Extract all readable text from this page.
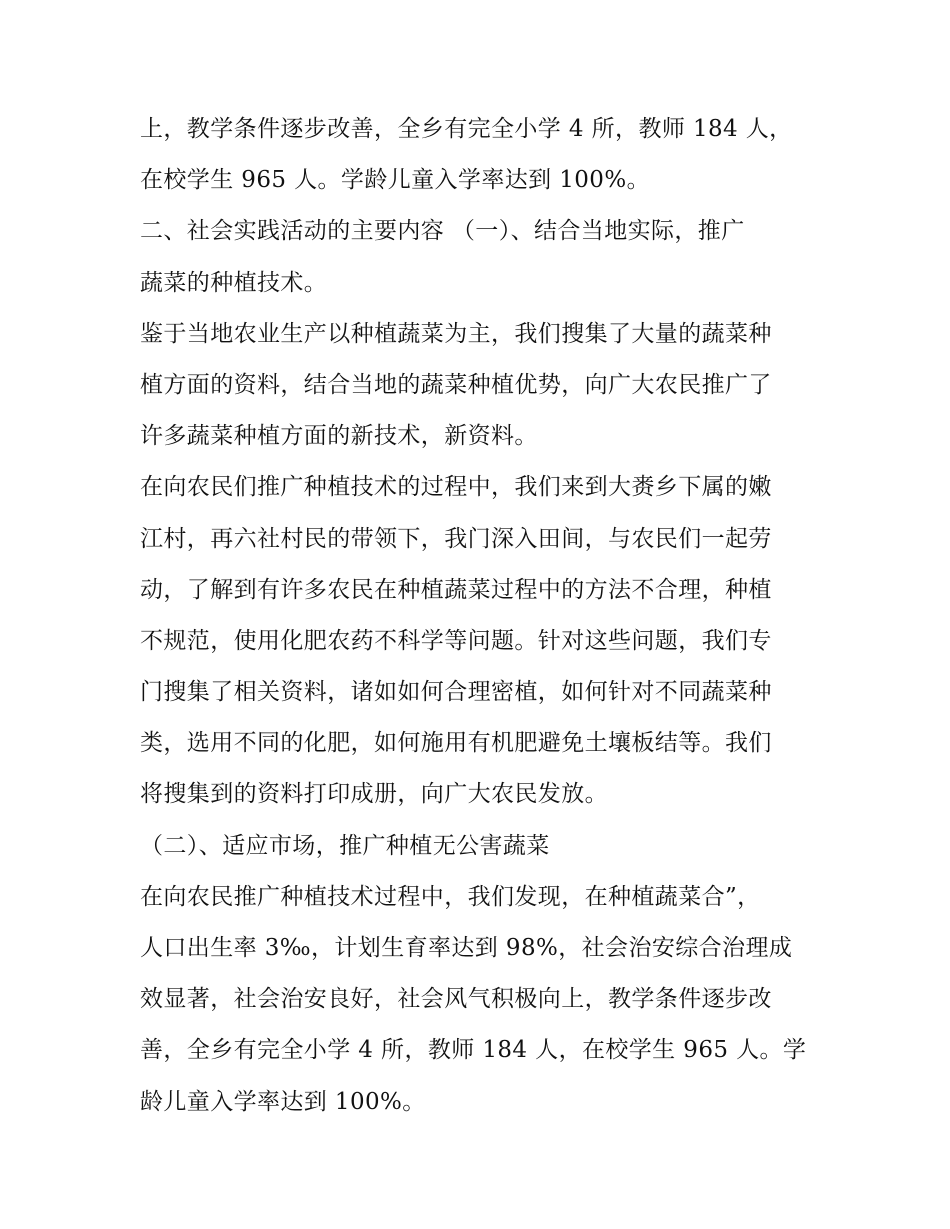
上，教学条件逐步改善，全乡有完全小学 4 所，教师 184 人，
在校学生 965 人。学龄儿童入学率达到 100%。
二、社会实践活动的主要内容 （一）、结合当地实际，推广
蔬菜的种植技术。
鉴于当地农业生产以种植蔬菜为主，我们搜集了大量的蔬菜种
植方面的资料，结合当地的蔬菜种植优势，向广大农民推广了
许多蔬菜种植方面的新技术，新资料。
在向农民们推广种植技术的过程中，我们来到大赉乡下属的嫩
江村，再六社村民的带领下，我门深入田间，与农民们一起劳
动，了解到有许多农民在种植蔬菜过程中的方法不合理，种植
不规范，使用化肥农药不科学等问题。针对这些问题，我们专
门搜集了相关资料，诸如如何合理密植，如何针对不同蔬菜种
类，选用不同的化肥，如何施用有机肥避免土壤板结等。我们
将搜集到的资料打印成册，向广大农民发放。
（二）、适应市场，推广种植无公害蔬菜
在向农民推广种植技术过程中，我们发现，在种植蔬菜合”，
人口出生率 3‰，计划生育率达到 98%，社会治安综合治理成
效显著，社会治安良好，社会风气积极向上，教学条件逐步改
善，全乡有完全小学 4 所，教师 184 人，在校学生 965 人。学
龄儿童入学率达到 100%。
